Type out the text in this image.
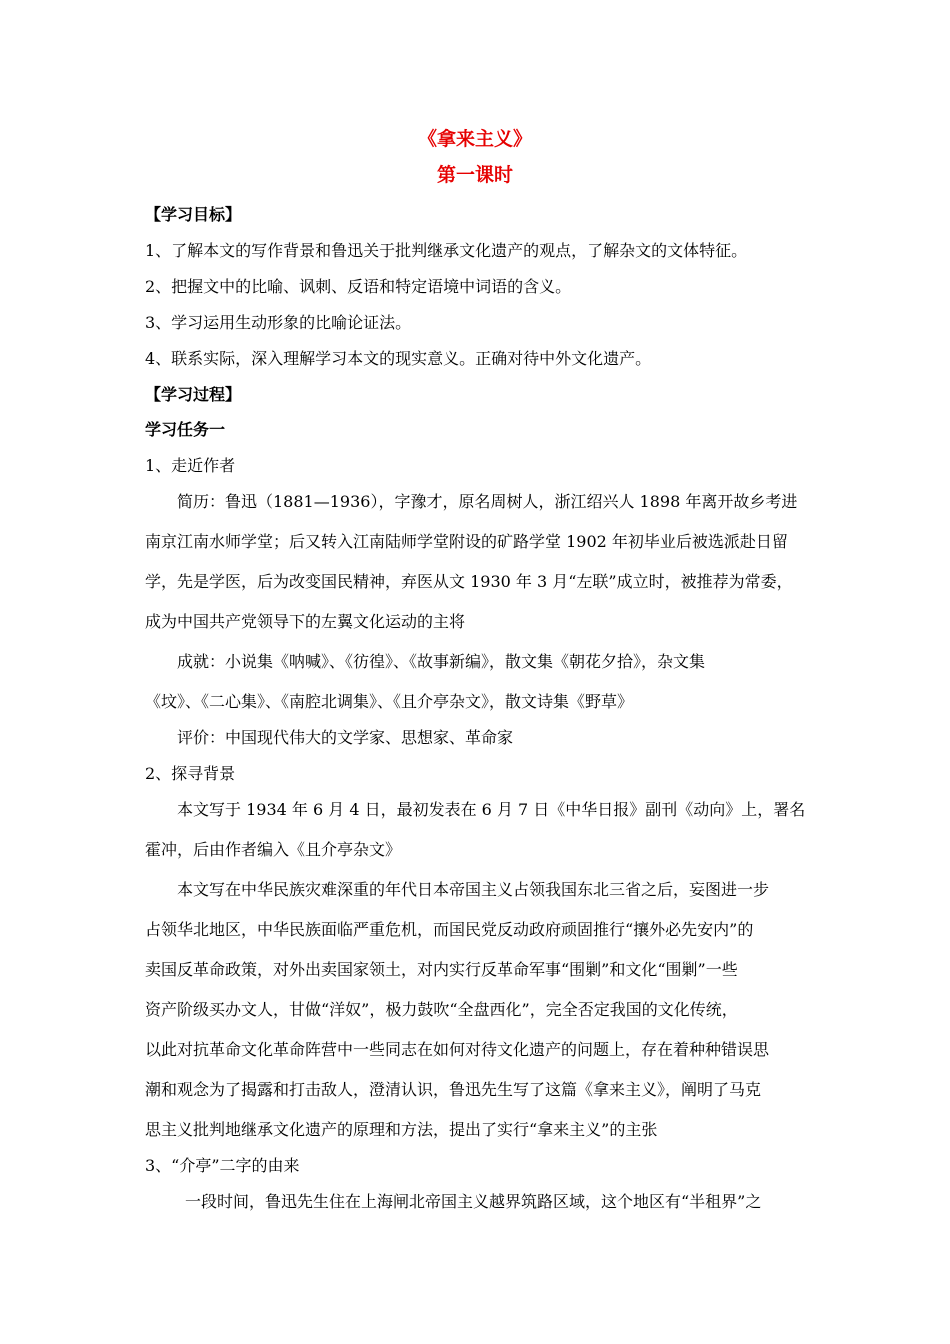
《拿来主义》
第一课时
【学习目标】
1、了解本文的写作背景和鲁迅关于批判继承文化遗产的观点，了解杂文的文体特征。
2、把握文中的比喻、讽刺、反语和特定语境中词语的含义。
3、学习运用生动形象的比喻论证法。
4、联系实际，深入理解学习本文的现实意义。正确对待中外文化遗产。
【学习过程】
学习任务一
1、走近作者
简历：鲁迅（1881—1936），字豫才，原名周树人，浙江绍兴人 1898 年离开故乡考进
南京江南水师学堂；后又转入江南陆师学堂附设的矿路学堂 1902 年初毕业后被选派赴日留
学，先是学医，后为改变国民精神，弃医从文 1930 年 3 月“左联”成立时，被推荐为常委，
成为中国共产党领导下的左翼文化运动的主将
成就：小说集《呐喊》、《彷徨》、《故事新编》，散文集《朝花夕拾》，杂文集
《坟》、《二心集》、《南腔北调集》、《且介亭杂文》，散文诗集《野草》
评价：中国现代伟大的文学家、思想家、革命家
2、探寻背景
本文写于 1934 年 6 月 4 日，最初发表在 6 月 7 日《中华日报》副刊《动向》上，署名
霍冲，后由作者编入《且介亭杂文》
本文写在中华民族灾难深重的年代日本帝国主义占领我国东北三省之后，妄图进一步
占领华北地区，中华民族面临严重危机，而国民党反动政府顽固推行“攘外必先安内”的
卖国反革命政策，对外出卖国家领土，对内实行反革命军事“围剿”和文化“围剿”一些
资产阶级买办文人，甘做“洋奴”，极力鼓吹“全盘西化”，完全否定我国的文化传统，
以此对抗革命文化革命阵营中一些同志在如何对待文化遗产的问题上，存在着种种错误思
潮和观念为了揭露和打击敌人，澄清认识，鲁迅先生写了这篇《拿来主义》，阐明了马克
思主义批判地继承文化遗产的原理和方法，提出了实行“拿来主义”的主张
3、“介亭”二字的由来
一段时间，鲁迅先生住在上海闸北帝国主义越界筑路区域，这个地区有“半租界”之
